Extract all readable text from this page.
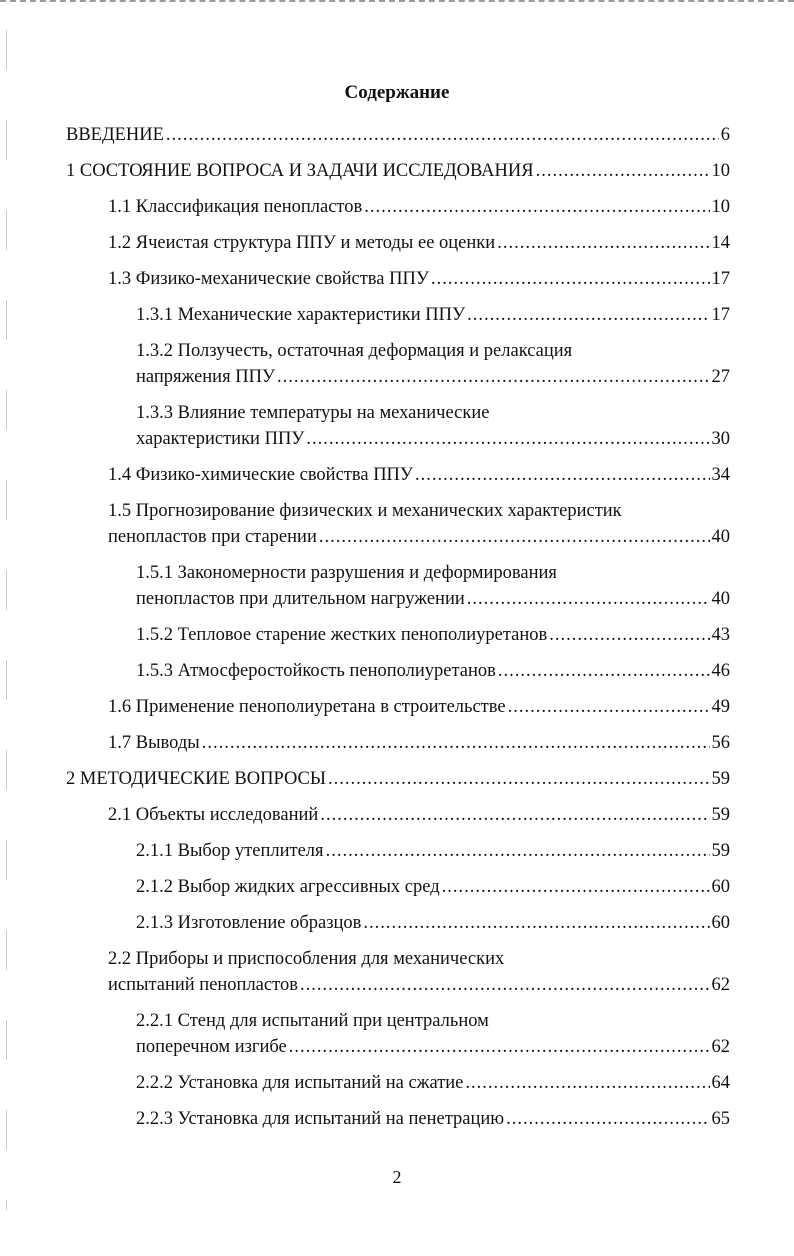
Содержание
ВВЕДЕНИЕ .....	6
1 СОСТОЯНИЕ ВОПРОСА И ЗАДАЧИ ИССЛЕДОВАНИЯ .....	10
1.1 Классификация пенопластов .....	10
1.2 Ячеистая структура ППУ и методы ее оценки .....	14
1.3 Физико-механические свойства ППУ .....	17
1.3.1 Механические характеристики ППУ .....	17
1.3.2 Ползучесть, остаточная деформация и релаксация
напряжения ППУ .....	27
1.3.3 Влияние температуры на механические
характеристики ППУ .....	30
1.4 Физико-химические свойства ППУ .....	34
1.5 Прогнозирование физических и механических характеристик
пенопластов при старении .....	40
1.5.1 Закономерности разрушения и деформирования
пенопластов при длительном нагружении .....	40
1.5.2 Тепловое старение жестких пенополиуретанов .....	43
1.5.3 Атмосферостойкость пенополиуретанов .....	46
1.6 Применение пенополиуретана в строительстве .....	49
1.7 Выводы .....	56
2 МЕТОДИЧЕСКИЕ ВОПРОСЫ .....	59
2.1 Объекты исследований .....	59
2.1.1 Выбор утеплителя .....	59
2.1.2 Выбор жидких агрессивных сред .....	60
2.1.3 Изготовление образцов .....	60
2.2 Приборы и приспособления для механических
испытаний пенопластов .....	62
2.2.1 Стенд для испытаний при центральном
поперечном изгибе .....	62
2.2.2 Установка для испытаний на сжатие .....	64
2.2.3 Установка для испытаний на пенетрацию .....	65
2
